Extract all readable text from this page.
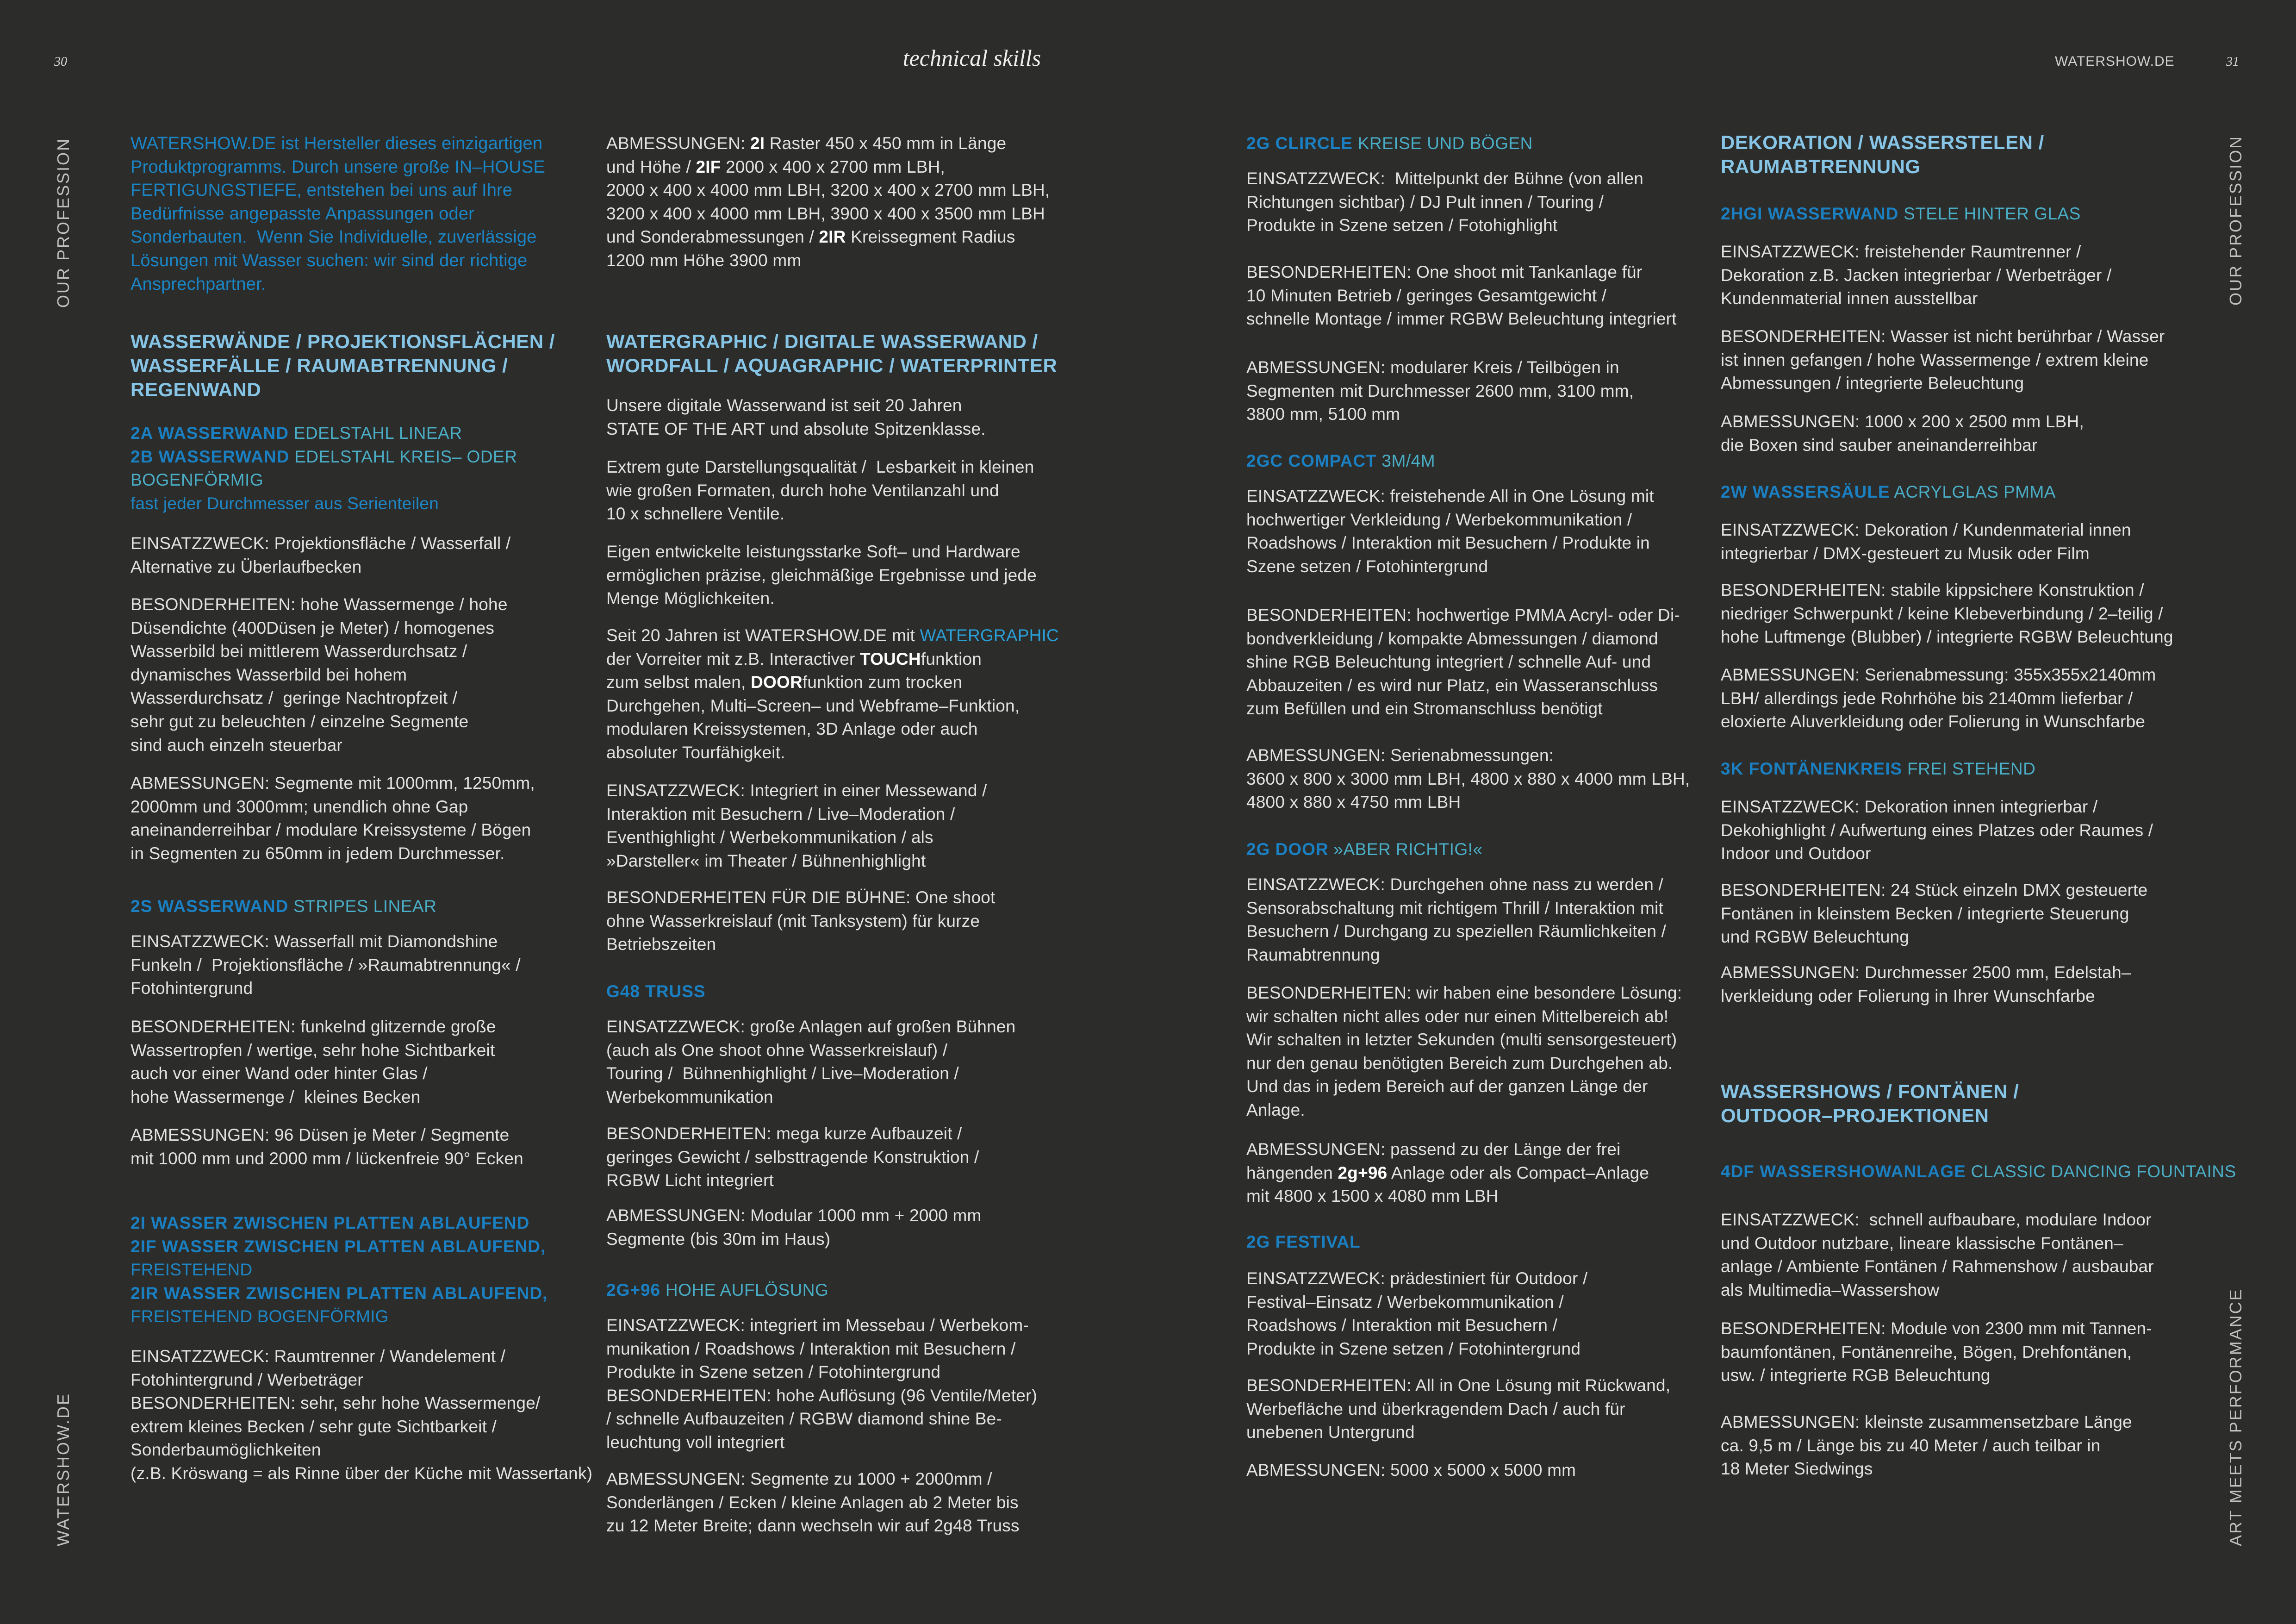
30	technical skills	WATERSHOW.DE	31
OUR PROFESSION
WATERSHOW.DE
OUR PROFESSION
ART MEETS PERFORMANCE
WATERSHOW.DE ist Hersteller dieses einzigartigen
Produktprogramms. Durch unsere große IN–HOUSE
FERTIGUNGSTIEFE, entstehen bei uns auf Ihre
Bedürfnisse angepasste Anpassungen oder
Sonderbauten.  Wenn Sie Individuelle, zuverlässige
Lösungen mit Wasser suchen: wir sind der richtige
Ansprechpartner.
WASSERWÄNDE / PROJEKTIONSFLÄCHEN /
WASSERFÄLLE / RAUMABTRENNUNG /
REGENWAND
2A WASSERWAND EDELSTAHL LINEAR
2B WASSERWAND EDELSTAHL KREIS– ODER
BOGENFÖRMIG
fast jeder Durchmesser aus Serienteilen
EINSATZZWECK: Projektionsfläche / Wasserfall /
Alternative zu Überlaufbecken
BESONDERHEITEN: hohe Wassermenge / hohe
Düsendichte (400Düsen je Meter) / homogenes
Wasserbild bei mittlerem Wasserdurchsatz /
dynamisches Wasserbild bei hohem
Wasserdurchsatz /  geringe Nachtropfzeit /
sehr gut zu beleuchten / einzelne Segmente
sind auch einzeln steuerbar
ABMESSUNGEN: Segmente mit 1000mm, 1250mm,
2000mm und 3000mm; unendlich ohne Gap
aneinanderreihbar / modulare Kreissysteme / Bögen
in Segmenten zu 650mm in jedem Durchmesser.
2S WASSERWAND STRIPES LINEAR
EINSATZZWECK: Wasserfall mit Diamondshine
Funkeln /  Projektionsfläche / »Raumabtrennung« /
Fotohintergrund
BESONDERHEITEN: funkelnd glitzernde große
Wassertropfen / wertige, sehr hohe Sichtbarkeit
auch vor einer Wand oder hinter Glas /
hohe Wassermenge /  kleines Becken
ABMESSUNGEN: 96 Düsen je Meter / Segmente
mit 1000 mm und 2000 mm / lückenfreie 90° Ecken
2I WASSER ZWISCHEN PLATTEN ABLAUFEND
2IF WASSER ZWISCHEN PLATTEN ABLAUFEND,
FREISTEHEND
2IR WASSER ZWISCHEN PLATTEN ABLAUFEND,
FREISTEHEND BOGENFÖRMIG
EINSATZZWECK: Raumtrenner / Wandelement /
Fotohintergrund / Werbeträger
BESONDERHEITEN: sehr, sehr hohe Wassermenge/
extrem kleines Becken / sehr gute Sichtbarkeit /
Sonderbaumöglichkeiten
(z.B. Kröswang = als Rinne über der Küche mit Wassertank)
ABMESSUNGEN: 2I Raster 450 x 450 mm in Länge
und Höhe / 2IF 2000 x 400 x 2700 mm LBH,
2000 x 400 x 4000 mm LBH, 3200 x 400 x 2700 mm LBH,
3200 x 400 x 4000 mm LBH, 3900 x 400 x 3500 mm LBH
und Sonderabmessungen / 2IR Kreissegment Radius
1200 mm Höhe 3900 mm
WATERGRAPHIC / DIGITALE WASSERWAND /
WORDFALL / AQUAGRAPHIC / WATERPRINTER
Unsere digitale Wasserwand ist seit 20 Jahren
STATE OF THE ART und absolute Spitzenklasse.
Extrem gute Darstellungsqualität /  Lesbarkeit in kleinen
wie großen Formaten, durch hohe Ventilanzahl und
10 x schnellere Ventile.
Eigen entwickelte leistungsstarke Soft– und Hardware
ermöglichen präzise, gleichmäßige Ergebnisse und jede
Menge Möglichkeiten.
Seit 20 Jahren ist WATERSHOW.DE mit WATERGRAPHIC
der Vorreiter mit z.B. Interactiver TOUCHfunktion
zum selbst malen, DOORfunktion zum trocken
Durchgehen, Multi–Screen– und Webframe–Funktion,
modularen Kreissystemen, 3D Anlage oder auch
absoluter Tourfähigkeit.
EINSATZZWECK: Integriert in einer Messewand /
Interaktion mit Besuchern / Live–Moderation /
Eventhighlight / Werbekommunikation / als
»Darsteller« im Theater / Bühnenhighlight
BESONDERHEITEN FÜR DIE BÜHNE: One shoot
ohne Wasserkreislauf (mit Tanksystem) für kurze
Betriebszeiten
G48 TRUSS
EINSATZZWECK: große Anlagen auf großen Bühnen
(auch als One shoot ohne Wasserkreislauf) /
Touring /  Bühnenhighlight / Live–Moderation /
Werbekommunikation
BESONDERHEITEN: mega kurze Aufbauzeit /
geringes Gewicht / selbsttragende Konstruktion /
RGBW Licht integriert
ABMESSUNGEN: Modular 1000 mm + 2000 mm
Segmente (bis 30m im Haus)
2G+96 HOHE AUFLÖSUNG
EINSATZZWECK: integriert im Messebau / Werbekom-
munikation / Roadshows / Interaktion mit Besuchern /
Produkte in Szene setzen / Fotohintergrund
BESONDERHEITEN: hohe Auflösung (96 Ventile/Meter)
/ schnelle Aufbauzeiten / RGBW diamond shine Be-
leuchtung voll integriert
ABMESSUNGEN: Segmente zu 1000 + 2000mm /
Sonderlängen / Ecken / kleine Anlagen ab 2 Meter bis
zu 12 Meter Breite; dann wechseln wir auf 2g48 Truss
2G CLIRCLE KREISE UND BÖGEN
EINSATZZWECK:  Mittelpunkt der Bühne (von allen
Richtungen sichtbar) / DJ Pult innen / Touring /
Produkte in Szene setzen / Fotohighlight
BESONDERHEITEN: One shoot mit Tankanlage für
10 Minuten Betrieb / geringes Gesamtgewicht /
schnelle Montage / immer RGBW Beleuchtung integriert
ABMESSUNGEN: modularer Kreis / Teilbögen in
Segmenten mit Durchmesser 2600 mm, 3100 mm,
3800 mm, 5100 mm
2GC COMPACT 3M/4M
EINSATZZWECK: freistehende All in One Lösung mit
hochwertiger Verkleidung / Werbekommunikation /
Roadshows / Interaktion mit Besuchern / Produkte in
Szene setzen / Fotohintergrund
BESONDERHEITEN: hochwertige PMMA Acryl- oder Di-
bondverkleidung / kompakte Abmessungen / diamond
shine RGB Beleuchtung integriert / schnelle Auf- und
Abbauzeiten / es wird nur Platz, ein Wasseranschluss
zum Befüllen und ein Stromanschluss benötigt
ABMESSUNGEN: Serienabmessungen:
3600 x 800 x 3000 mm LBH, 4800 x 880 x 4000 mm LBH,
4800 x 880 x 4750 mm LBH
2G DOOR »ABER RICHTIG!«
EINSATZZWECK: Durchgehen ohne nass zu werden /
Sensorabschaltung mit richtigem Thrill / Interaktion mit
Besuchern / Durchgang zu speziellen Räumlichkeiten /
Raumabtrennung
BESONDERHEITEN: wir haben eine besondere Lösung:
wir schalten nicht alles oder nur einen Mittelbereich ab!
Wir schalten in letzter Sekunden (multi sensorgesteuert)
nur den genau benötigten Bereich zum Durchgehen ab.
Und das in jedem Bereich auf der ganzen Länge der
Anlage.
ABMESSUNGEN: passend zu der Länge der frei
hängenden 2g+96 Anlage oder als Compact–Anlage
mit 4800 x 1500 x 4080 mm LBH
2G FESTIVAL
EINSATZZWECK: prädestiniert für Outdoor /
Festival–Einsatz / Werbekommunikation /
Roadshows / Interaktion mit Besuchern /
Produkte in Szene setzen / Fotohintergrund
BESONDERHEITEN: All in One Lösung mit Rückwand,
Werbefläche und überkragendem Dach / auch für
unebenen Untergrund
ABMESSUNGEN: 5000 x 5000 x 5000 mm
DEKORATION / WASSERSTELEN /
RAUMABTRENNUNG
2HGI WASSERWAND STELE HINTER GLAS
EINSATZZWECK: freistehender Raumtrenner /
Dekoration z.B. Jacken integrierbar / Werbeträger /
Kundenmaterial innen ausstellbar
BESONDERHEITEN: Wasser ist nicht berührbar / Wasser
ist innen gefangen / hohe Wassermenge / extrem kleine
Abmessungen / integrierte Beleuchtung
ABMESSUNGEN: 1000 x 200 x 2500 mm LBH,
die Boxen sind sauber aneinanderreihbar
2W WASSERSÄULE ACRYLGLAS PMMA
EINSATZZWECK: Dekoration / Kundenmaterial innen
integrierbar / DMX-gesteuert zu Musik oder Film
BESONDERHEITEN: stabile kippsichere Konstruktion /
niedriger Schwerpunkt / keine Klebeverbindung / 2–teilig /
hohe Luftmenge (Blubber) / integrierte RGBW Beleuchtung
ABMESSUNGEN: Serienabmessung: 355x355x2140mm
LBH/ allerdings jede Rohrhöhe bis 2140mm lieferbar /
eloxierte Aluverkleidung oder Folierung in Wunschfarbe
3K FONTÄNENKREIS FREI STEHEND
EINSATZZWECK: Dekoration innen integrierbar /
Dekohighlight / Aufwertung eines Platzes oder Raumes /
Indoor und Outdoor
BESONDERHEITEN: 24 Stück einzeln DMX gesteuerte
Fontänen in kleinstem Becken / integrierte Steuerung
und RGBW Beleuchtung
ABMESSUNGEN: Durchmesser 2500 mm, Edelstah–
lverkleidung oder Folierung in Ihrer Wunschfarbe
WASSERSHOWS / FONTÄNEN /
OUTDOOR–PROJEKTIONEN
4DF WASSERSHOWANLAGE CLASSIC DANCING FOUNTAINS
EINSATZZWECK:  schnell aufbaubare, modulare Indoor
und Outdoor nutzbare, lineare klassische Fontänen–
anlage / Ambiente Fontänen / Rahmenshow / ausbaubar
als Multimedia–Wassershow
BESONDERHEITEN: Module von 2300 mm mit Tannen-
baumfontänen, Fontänenreihe, Bögen, Drehfontänen,
usw. / integrierte RGB Beleuchtung
ABMESSUNGEN: kleinste zusammensetzbare Länge
ca. 9,5 m / Länge bis zu 40 Meter / auch teilbar in
18 Meter Siedwings
